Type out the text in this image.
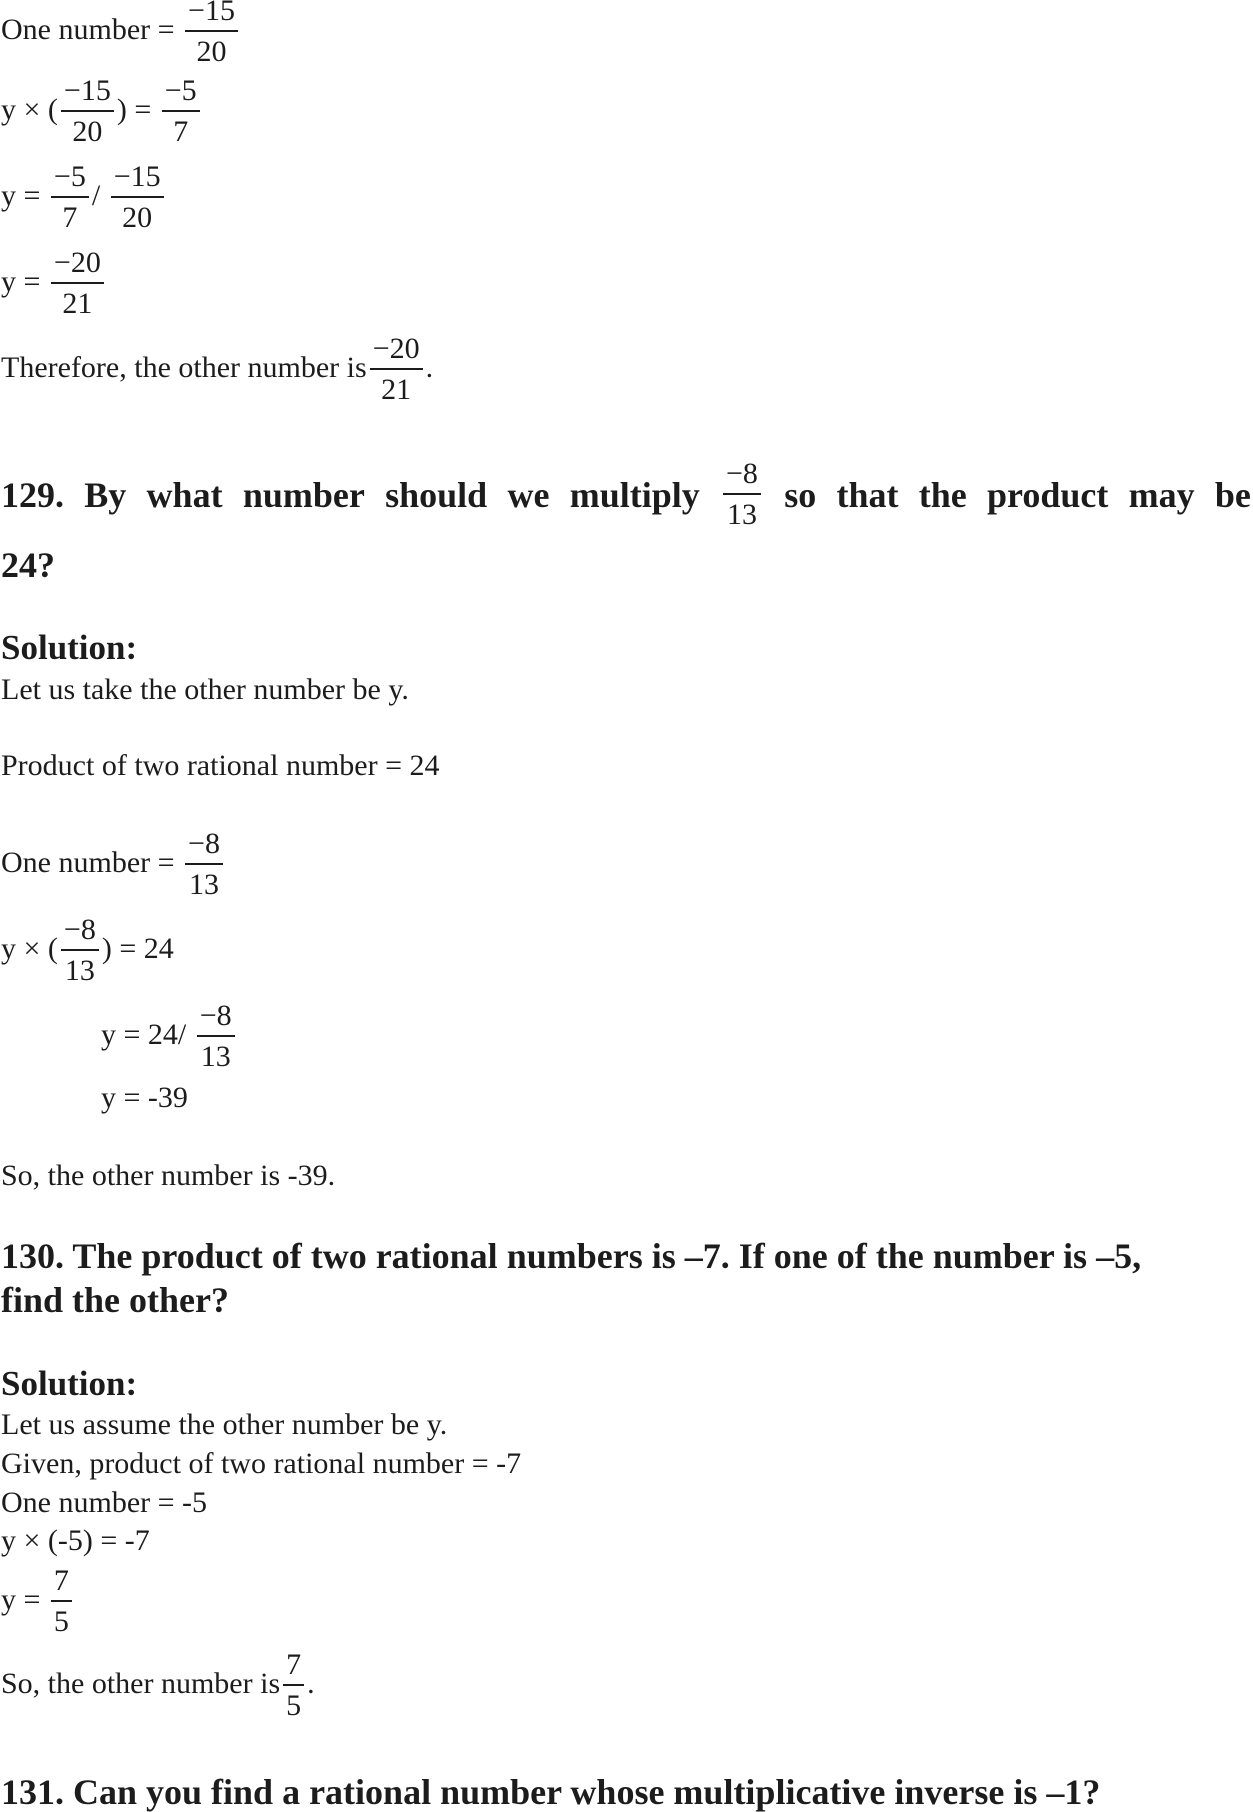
One number = $\frac{-15}{20}$
y × ( $\frac{-15}{20}$ ) = $\frac{-5}{7}$
$y = \frac{-5}{7} / \frac{-15}{20}$
$y = \frac{-20}{21}$
Therefore, the other number is $\frac{-20}{21}$ .
129. By what number should we multiply $\frac{-8}{13}$ so that the product may be
24?
Solution:
Let us take the other number be y.
Product of two rational number = 24
One number = $\frac{-8}{13}$
y × ( $\frac{-8}{13}$ ) = 24
$y = 24/ \frac{-8}{13}$
y = -39
So, the other number is -39.
130. The product of two rational numbers is –7. If one of the number is –5,
find the other?
Solution:
Let us assume the other number be y.
Given, product of two rational number = -7
One number = -5
y × (-5) = -7
$y = \frac{7}{5}$
So, the other number is $\frac{7}{5}$ .
131. Can you find a rational number whose multiplicative inverse is –1?
